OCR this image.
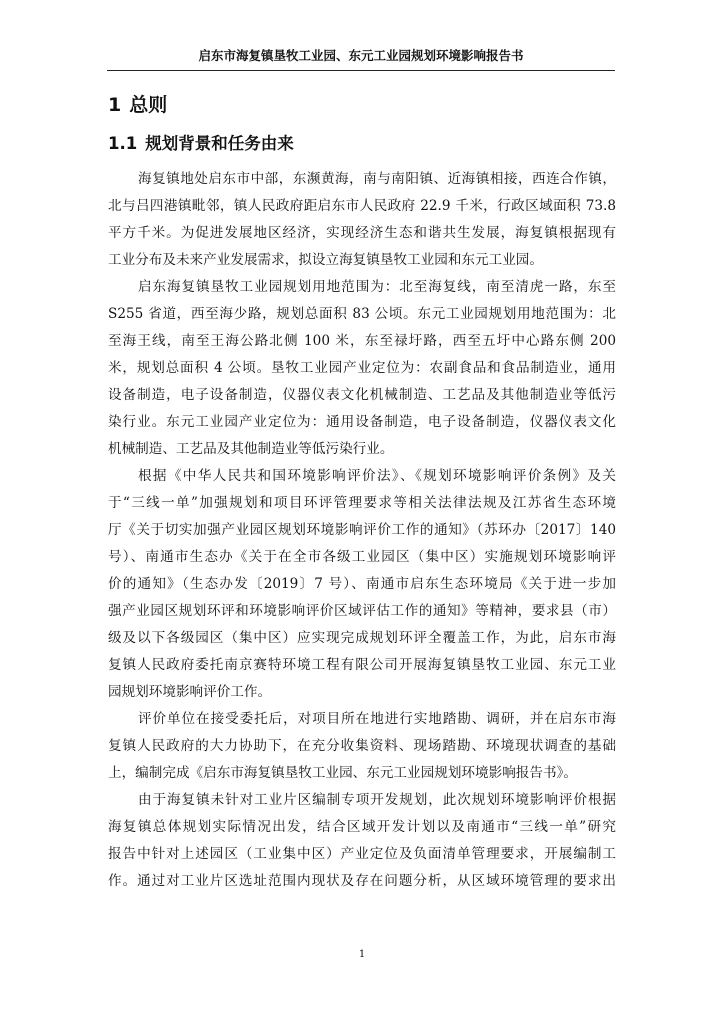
启东市海复镇垦牧工业园、东元工业园规划环境影响报告书
1 总则
1.1 规划背景和任务由来
海复镇地处启东市中部，东濒黄海，南与南阳镇、近海镇相接，西连合作镇，
北与吕四港镇毗邻，镇人民政府距启东市人民政府 22.9 千米，行政区域面积 73.8
平方千米。为促进发展地区经济，实现经济生态和谐共生发展，海复镇根据现有
工业分布及未来产业发展需求，拟设立海复镇垦牧工业园和东元工业园。
启东海复镇垦牧工业园规划用地范围为：北至海复线，南至清虎一路，东至
S255 省道，西至海少路，规划总面积 83 公顷。东元工业园规划用地范围为：北
至海王线，南至王海公路北侧 100 米，东至禄圩路，西至五圩中心路东侧 200
米，规划总面积 4 公顷。垦牧工业园产业定位为：农副食品和食品制造业，通用
设备制造，电子设备制造，仪器仪表文化机械制造、工艺品及其他制造业等低污
染行业。东元工业园产业定位为：通用设备制造，电子设备制造，仪器仪表文化
机械制造、工艺品及其他制造业等低污染行业。
根据《中华人民共和国环境影响评价法》、《规划环境影响评价条例》及关
于“三线一单”加强规划和项目环评管理要求等相关法律法规及江苏省生态环境
厅《关于切实加强产业园区规划环境影响评价工作的通知》（苏环办〔2017〕140
号）、南通市生态办《关于在全市各级工业园区（集中区）实施规划环境影响评
价的通知》（生态办发〔2019〕7 号）、南通市启东生态环境局《关于进一步加
强产业园区规划环评和环境影响评价区域评估工作的通知》等精神，要求县（市）
级及以下各级园区（集中区）应实现完成规划环评全覆盖工作，为此，启东市海
复镇人民政府委托南京赛特环境工程有限公司开展海复镇垦牧工业园、东元工业
园规划环境影响评价工作。
评价单位在接受委托后，对项目所在地进行实地踏勘、调研，并在启东市海
复镇人民政府的大力协助下，在充分收集资料、现场踏勘、环境现状调查的基础
上，编制完成《启东市海复镇垦牧工业园、东元工业园规划环境影响报告书》。
由于海复镇未针对工业片区编制专项开发规划，此次规划环境影响评价根据
海复镇总体规划实际情况出发，结合区域开发计划以及南通市“三线一单”研究
报告中针对上述园区（工业集中区）产业定位及负面清单管理要求，开展编制工
作。通过对工业片区选址范围内现状及存在问题分析，从区域环境管理的要求出
1
